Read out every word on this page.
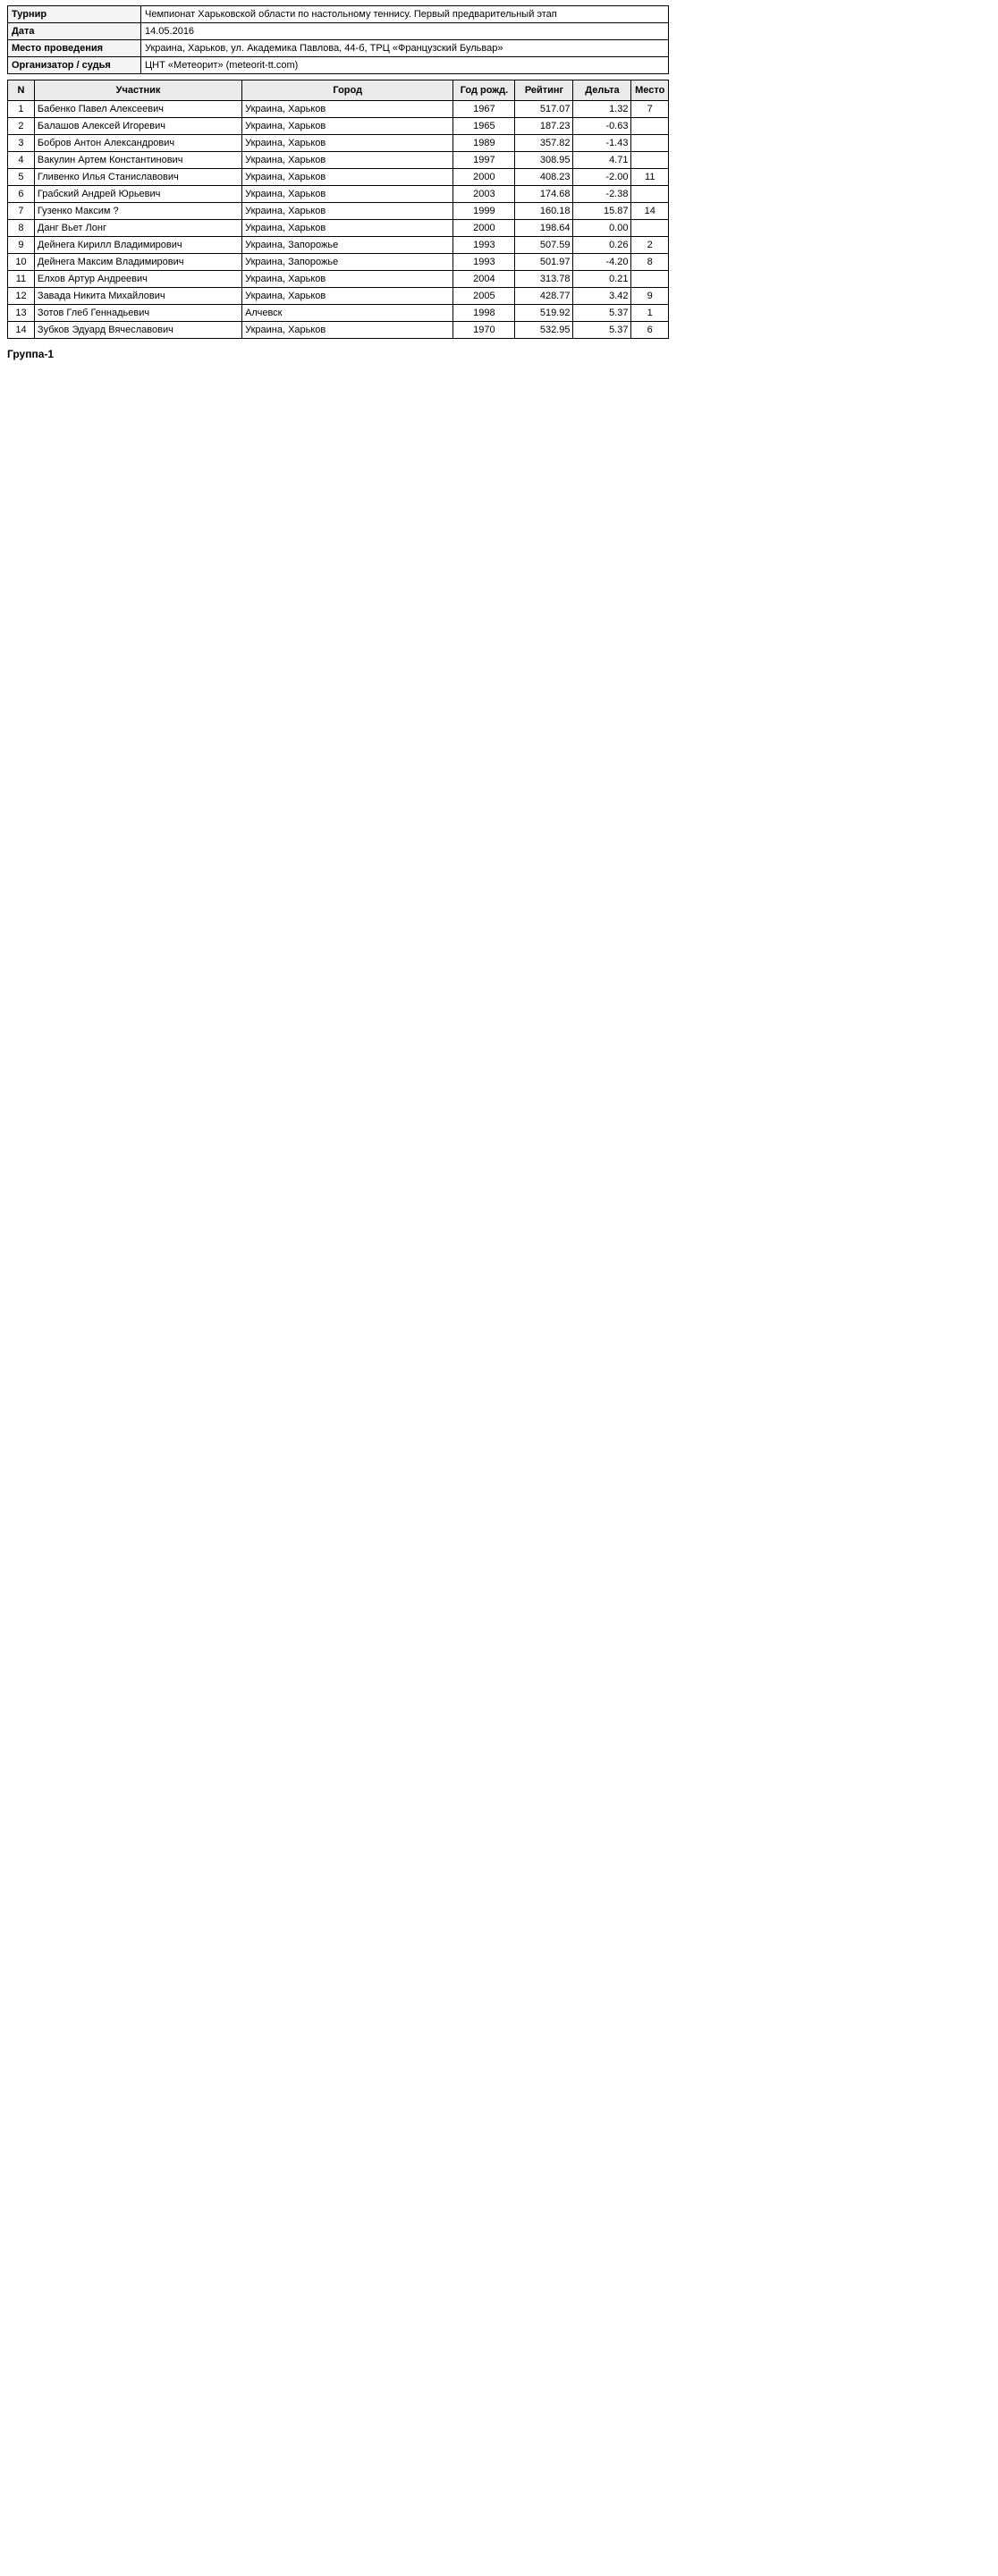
Турнир	Чемпионат Харьковской области по настольному теннису. Первый предварительный этап
Дата	14.05.2016
Место проведения	Украина, Харьков, ул. Академика Павлова, 44-б, ТРЦ «Французский Бульвар»
Организатор / судья	ЦНТ «Метеорит» (meteorit-tt.com)
N	Участник	Город	Год рожд.	Рейтинг	Дельта	Место
1	Бабенко Павел Алексеевич	Украина, Харьков	1967	517.07	1.32	7
2	Балашов Алексей Игоревич	Украина, Харьков	1965	187.23	-0.63	
3	Бобров Антон Александрович	Украина, Харьков	1989	357.82	-1.43	
4	Вакулин Артем Константинович	Украина, Харьков	1997	308.95	4.71	
5	Гливенко Илья Станиславович	Украина, Харьков	2000	408.23	-2.00	11
6	Грабский Андрей Юрьевич	Украина, Харьков	2003	174.68	-2.38	
7	Гузенко Максим ?	Украина, Харьков	1999	160.18	15.87	14
8	Данг Вьет Лонг	Украина, Харьков	2000	198.64	0.00	
9	Дейнега Кирилл Владимирович	Украина, Запорожье	1993	507.59	0.26	2
10	Дейнега Максим Владимирович	Украина, Запорожье	1993	501.97	-4.20	8
11	Елхов Артур Андреевич	Украина, Харьков	2004	313.78	0.21	
12	Завада Никита Михайлович	Украина, Харьков	2005	428.77	3.42	9
13	Зотов Глеб Геннадьевич	Алчевск	1998	519.92	5.37	1
14	Зубков Эдуард Вячеславович	Украина, Харьков	1970	532.95	5.37	6
Группа-1
